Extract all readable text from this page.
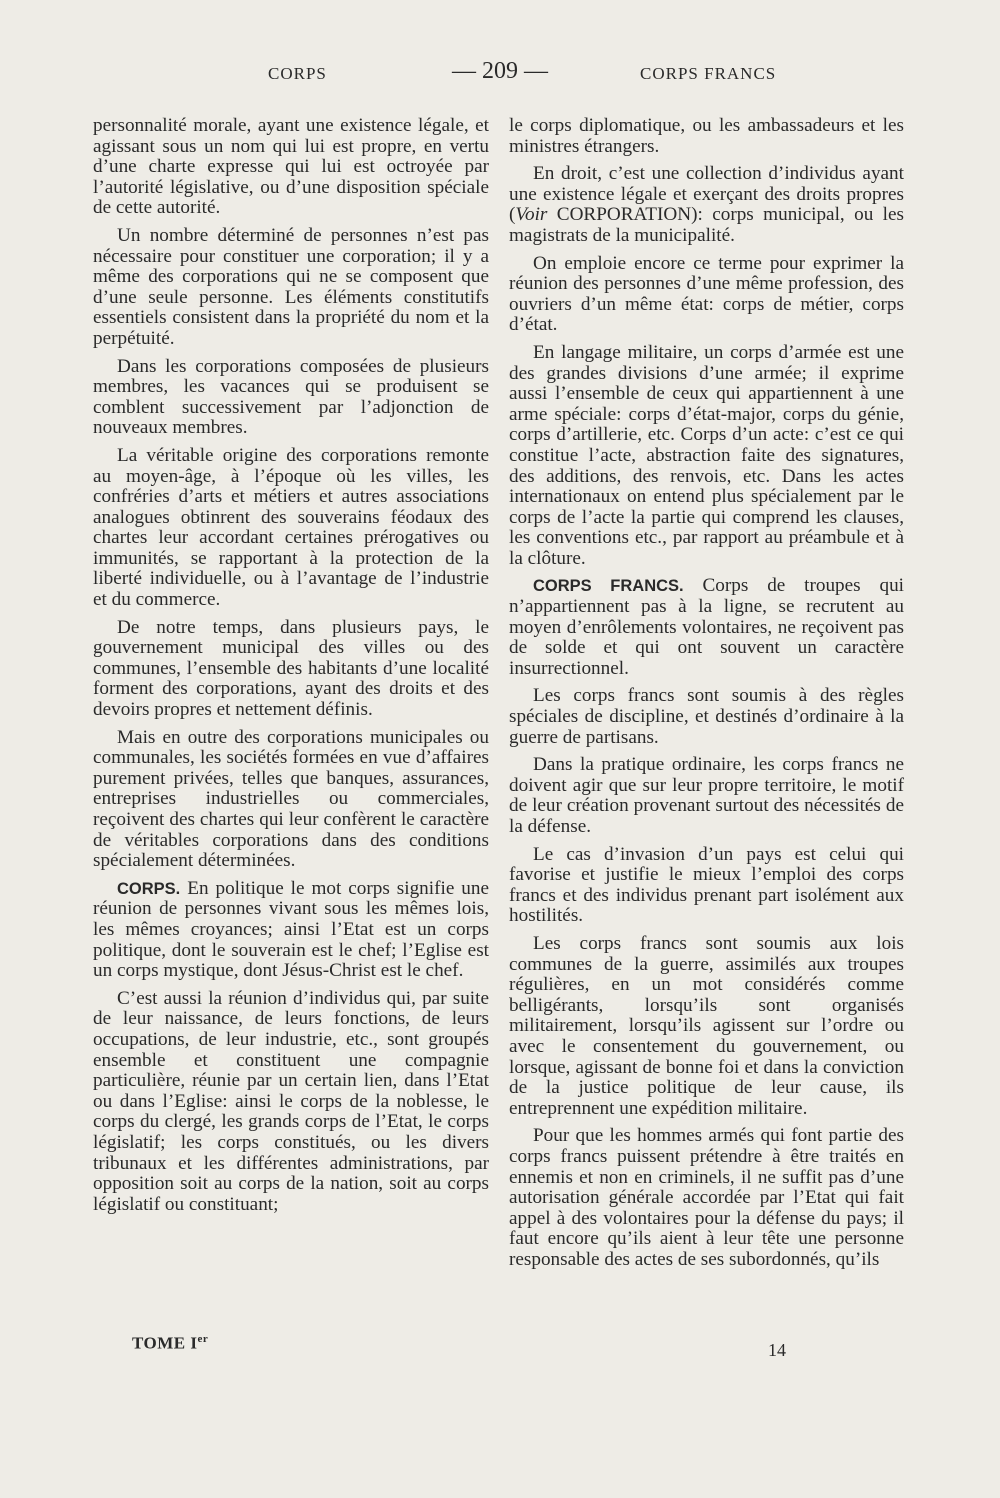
CORPS	— 209 —	CORPS FRANCS

personnalité morale, ayant une existence légale, et agissant sous un nom qui lui est propre, en vertu d’une charte expresse qui lui est octroyée par l’autorité législative, ou d’une disposition spéciale de cette autorité.

Un nombre déterminé de personnes n’est pas nécessaire pour constituer une corporation; il y a même des corporations qui ne se composent que d’une seule personne. Les éléments constitutifs essentiels consistent dans la propriété du nom et la perpétuité.

Dans les corporations composées de plusieurs membres, les vacances qui se produisent se comblent successivement par l’adjonction de nouveaux membres.

La véritable origine des corporations remonte au moyen-âge, à l’époque où les villes, les confréries d’arts et métiers et autres associations analogues obtinrent des souverains féodaux des chartes leur accordant certaines prérogatives ou immunités, se rapportant à la protection de la liberté individuelle, ou à l’avantage de l’industrie et du commerce.

De notre temps, dans plusieurs pays, le gouvernement municipal des villes ou des communes, l’ensemble des habitants d’une localité forment des corporations, ayant des droits et des devoirs propres et nettement définis.

Mais en outre des corporations municipales ou communales, les sociétés formées en vue d’affaires purement privées, telles que banques, assurances, entreprises industrielles ou commerciales, reçoivent des chartes qui leur confèrent le caractère de véritables corporations dans des conditions spécialement déterminées.

CORPS. En politique le mot corps signifie une réunion de personnes vivant sous les mêmes lois, les mêmes croyances; ainsi l’Etat est un corps politique, dont le souverain est le chef; l’Eglise est un corps mystique, dont Jésus-Christ est le chef.

C’est aussi la réunion d’individus qui, par suite de leur naissance, de leurs fonctions, de leurs occupations, de leur industrie, etc., sont groupés ensemble et constituent une compagnie particulière, réunie par un certain lien, dans l’Etat ou dans l’Eglise: ainsi le corps de la noblesse, le corps du clergé, les grands corps de l’Etat, le corps législatif; les corps constitués, ou les divers tribunaux et les différentes administrations, par opposition soit au corps de la nation, soit au corps législatif ou constituant;

le corps diplomatique, ou les ambassadeurs et les ministres étrangers.

En droit, c’est une collection d’individus ayant une existence légale et exerçant des droits propres (Voir CORPORATION): corps municipal, ou les magistrats de la municipalité.

On emploie encore ce terme pour exprimer la réunion des personnes d’une même profession, des ouvriers d’un même état: corps de métier, corps d’état.

En langage militaire, un corps d’armée est une des grandes divisions d’une armée; il exprime aussi l’ensemble de ceux qui appartiennent à une arme spéciale: corps d’état-major, corps du génie, corps d’artillerie, etc. Corps d’un acte: c’est ce qui constitue l’acte, abstraction faite des signatures, des additions, des renvois, etc. Dans les actes internationaux on entend plus spécialement par le corps de l’acte la partie qui comprend les clauses, les conventions etc., par rapport au préambule et à la clôture.

CORPS FRANCS. Corps de troupes qui n’appartiennent pas à la ligne, se recrutent au moyen d’enrôlements volontaires, ne reçoivent pas de solde et qui ont souvent un caractère insurrectionnel.

Les corps francs sont soumis à des règles spéciales de discipline, et destinés d’ordinaire à la guerre de partisans.

Dans la pratique ordinaire, les corps francs ne doivent agir que sur leur propre territoire, le motif de leur création provenant surtout des nécessités de la défense.

Le cas d’invasion d’un pays est celui qui favorise et justifie le mieux l’emploi des corps francs et des individus prenant part isolément aux hostilités.

Les corps francs sont soumis aux lois communes de la guerre, assimilés aux troupes régulières, en un mot considérés comme belligérants, lorsqu’ils sont organisés militairement, lorsqu’ils agissent sur l’ordre ou avec le consentement du gouvernement, ou lorsque, agissant de bonne foi et dans la conviction de la justice politique de leur cause, ils entreprennent une expédition militaire.

Pour que les hommes armés qui font partie des corps francs puissent prétendre à être traités en ennemis et non en criminels, il ne suffit pas d’une autorisation générale accordée par l’Etat qui fait appel à des volontaires pour la défense du pays; il faut encore qu’ils aient à leur tête une personne responsable des actes de ses subordonnés, qu’ils

TOME Ier
14
